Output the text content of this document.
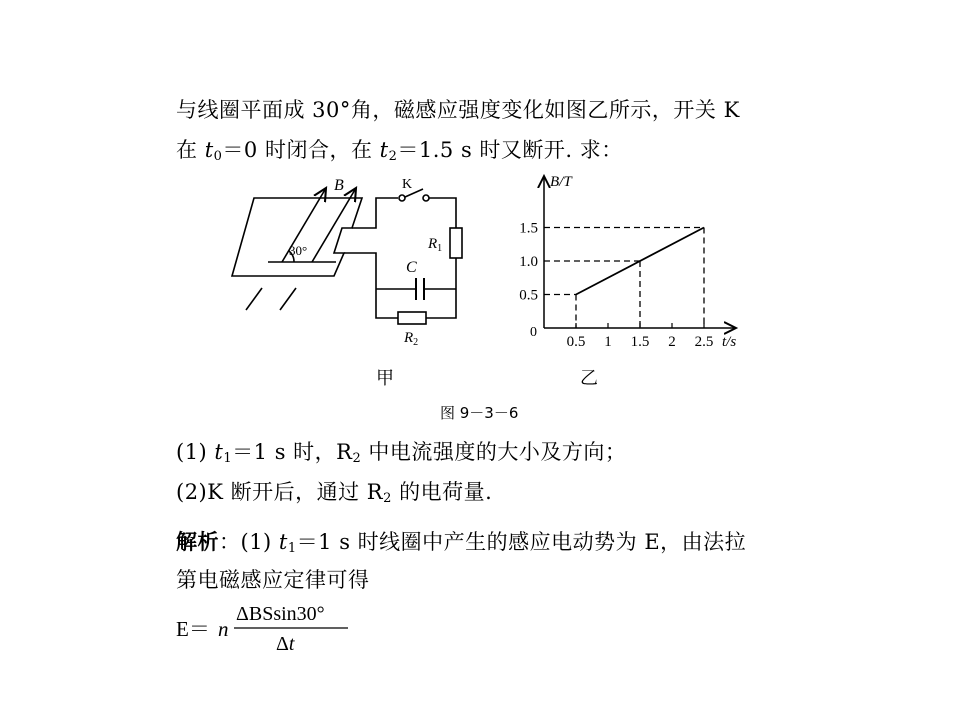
与线圈平面成 30°角，磁感应强度变化如图乙所示，开关 K
在 $t_0=0$ 时闭合，在 $t_2=1.5$ s 时又断开. 求：
B
30°
K
$R_1$
C
$R_2$
B/T
t/s
0
0.5 1 1.5 2 2.5
0.5
1.0
1.5
甲	乙
图 9－3－6
(1) $t_1=1$ s 时，$R_2$ 中电流强度的大小及方向；
(2)K 断开后，通过 $R_2$ 的电荷量.
解析：(1) $t_1=1$ s 时线圈中产生的感应电动势为 E，由法拉
第电磁感应定律可得
E＝ n
ΔBSsin30°
Δt
